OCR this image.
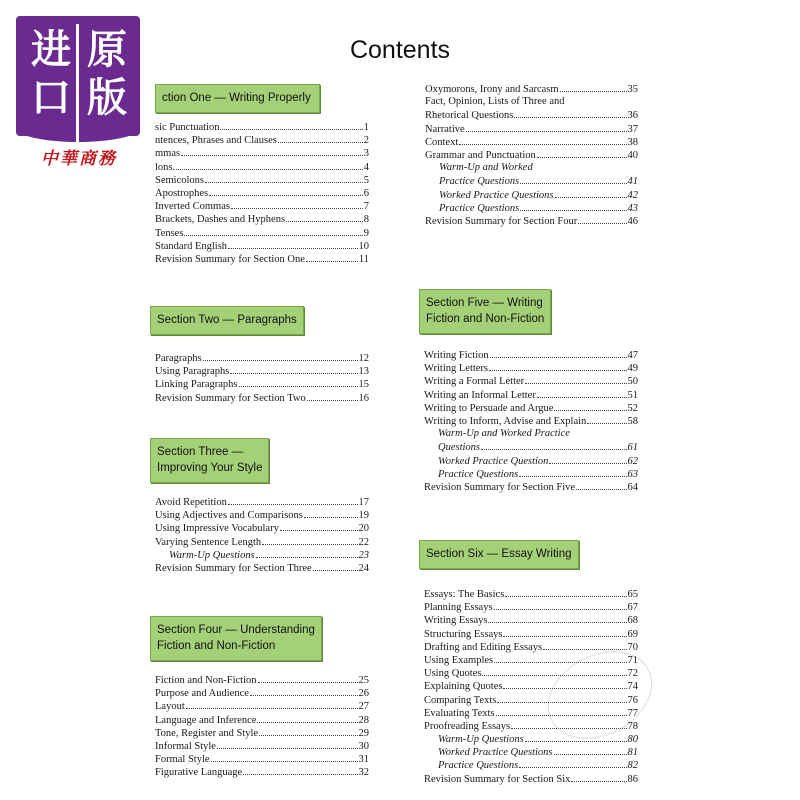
进 原
口 版
中華商務
Contents
ction One — Writing Properly
sic Punctuation	1
ntences, Phrases and Clauses	2
mmas	3
lons.	4
Semicolons	5
Apostrophes	6
Inverted Commas	7
Brackets, Dashes and Hyphens	8
Tenses	9
Standard English	10
Revision Summary for Section One	11
Section Two — Paragraphs
Paragraphs	12
Using Paragraphs	13
Linking Paragraphs	15
Revision Summary for Section Two	16
Section Three —
Improving Your Style
Avoid Repetition	17
Using Adjectives and Comparisons	19
Using Impressive Vocabulary	20
Varying Sentence Length	22
Warm-Up Questions	23
Revision Summary for Section Three	24
Section Four — Understanding
Fiction and Non-Fiction
Fiction and Non-Fiction	25
Purpose and Audience	26
Layout	27
Language and Inference	28
Tone, Register and Style	29
Informal Style	30
Formal Style	31
Figurative Language	32
Oxymorons, Irony and Sarcasm	35
Fact, Opinion, Lists of Three and
Rhetorical Questions	36
Narrative	37
Context	38
Grammar and Punctuation	40
Warm-Up and Worked
Practice Questions	41
Worked Practice Questions	42
Practice Questions	43
Revision Summary for Section Four	46
Section Five — Writing
Fiction and Non-Fiction
Writing Fiction	47
Writing Letters	49
Writing a Formal Letter	50
Writing an Informal Letter	51
Writing to Persuade and Argue	52
Writing to Inform, Advise and Explain	58
Warm-Up and Worked Practice
Questions	61
Worked Practice Question	62
Practice Questions	63
Revision Summary for Section Five	64
Section Six — Essay Writing
Essays: The Basics	65
Planning Essays	67
Writing Essays	68
Structuring Essays	69
Drafting and Editing Essays	70
Using Examples	71
Using Quotes	72
Explaining Quotes	74
Comparing Texts	76
Evaluating Texts	77
Proofreading Essays	78
Warm-Up Questions	80
Worked Practice Questions	81
Practice Questions	82
Revision Summary for Section Six	86
